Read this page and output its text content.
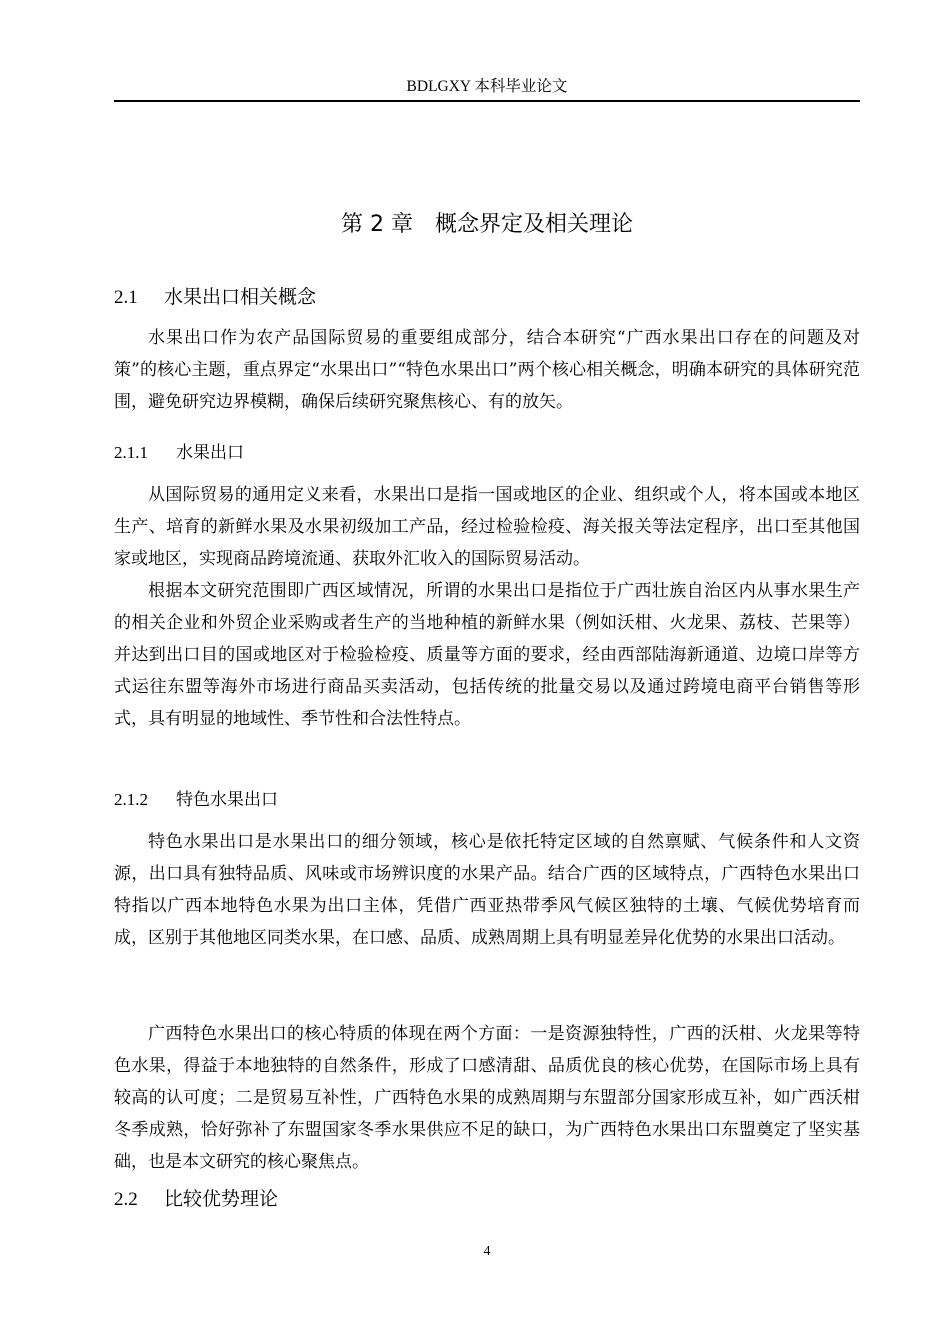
BDLGXY 本科毕业论文
第 2 章 概念界定及相关理论
2.1 水果出口相关概念

水果出口作为农产品国际贸易的重要组成部分，结合本研究“广西水果出口存在的问题及对策”的核心主题，重点界定“水果出口”“特色水果出口”两个核心相关概念，明确本研究的具体研究范围，避免研究边界模糊，确保后续研究聚焦核心、有的放矢。

2.1.1 水果出口

从国际贸易的通用定义来看，水果出口是指一国或地区的企业、组织或个人，将本国或本地区生产、培育的新鲜水果及水果初级加工产品，经过检验检疫、海关报关等法定程序，出口至其他国家或地区，实现商品跨境流通、获取外汇收入的国际贸易活动。

根据本文研究范围即广西区域情况，所谓的水果出口是指位于广西壮族自治区内从事水果生产的相关企业和外贸企业采购或者生产的当地种植的新鲜水果（例如沃柑、火龙果、荔枝、芒果等）并达到出口目的国或地区对于检验检疫、质量等方面的要求，经由西部陆海新通道、边境口岸等方式运往东盟等海外市场进行商品买卖活动，包括传统的批量交易以及通过跨境电商平台销售等形式，具有明显的地域性、季节性和合法性特点。

2.1.2 特色水果出口

特色水果出口是水果出口的细分领域，核心是依托特定区域的自然禀赋、气候条件和人文资源，出口具有独特品质、风味或市场辨识度的水果产品。结合广西的区域特点，广西特色水果出口特指以广西本地特色水果为出口主体，凭借广西亚热带季风气候区独特的土壤、气候优势培育而成，区别于其他地区同类水果，在口感、品质、成熟周期上具有明显差异化优势的水果出口活动。

广西特色水果出口的核心特质的体现在两个方面：一是资源独特性，广西的沃柑、火龙果等特色水果，得益于本地独特的自然条件，形成了口感清甜、品质优良的核心优势，在国际市场上具有较高的认可度；二是贸易互补性，广西特色水果的成熟周期与东盟部分国家形成互补，如广西沃柑冬季成熟，恰好弥补了东盟国家冬季水果供应不足的缺口，为广西特色水果出口东盟奠定了坚实基础，也是本文研究的核心聚焦点。

2.2 比较优势理论
4
